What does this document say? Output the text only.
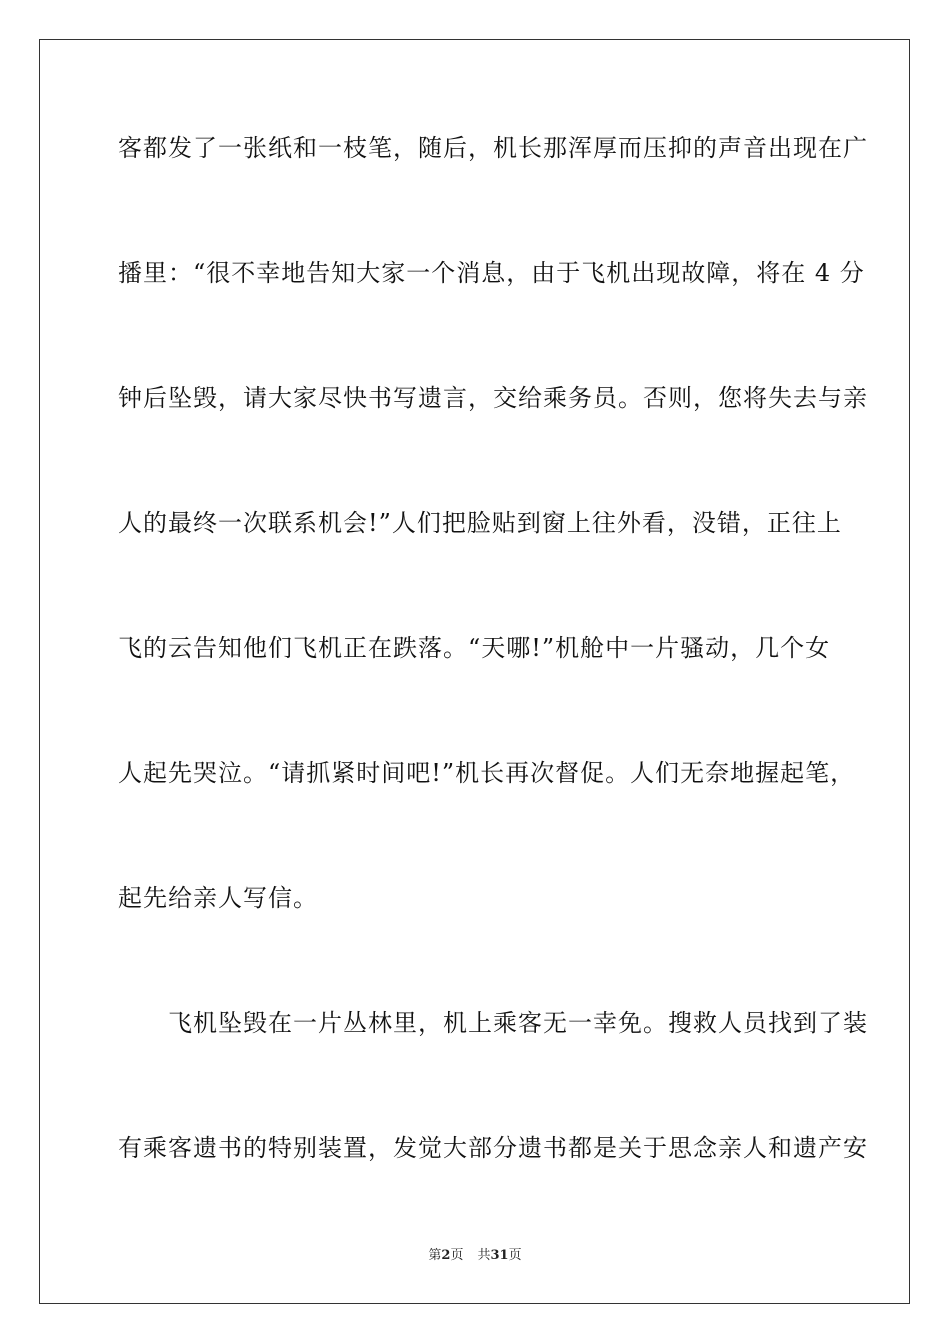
客都发了一张纸和一枝笔，随后，机长那浑厚而压抑的声音出现在广
播里：“很不幸地告知大家一个消息，由于飞机出现故障，将在 4 分
钟后坠毁，请大家尽快书写遗言，交给乘务员。否则，您将失去与亲
人的最终一次联系机会!”人们把脸贴到窗上往外看，没错，正往上
飞的云告知他们飞机正在跌落。“天哪!”机舱中一片骚动，几个女
人起先哭泣。“请抓紧时间吧!”机长再次督促。人们无奈地握起笔，
起先给亲人写信。
　　飞机坠毁在一片丛林里，机上乘客无一幸免。搜救人员找到了装
有乘客遗书的特别装置，发觉大部分遗书都是关于思念亲人和遗产安
第2页 共31页
